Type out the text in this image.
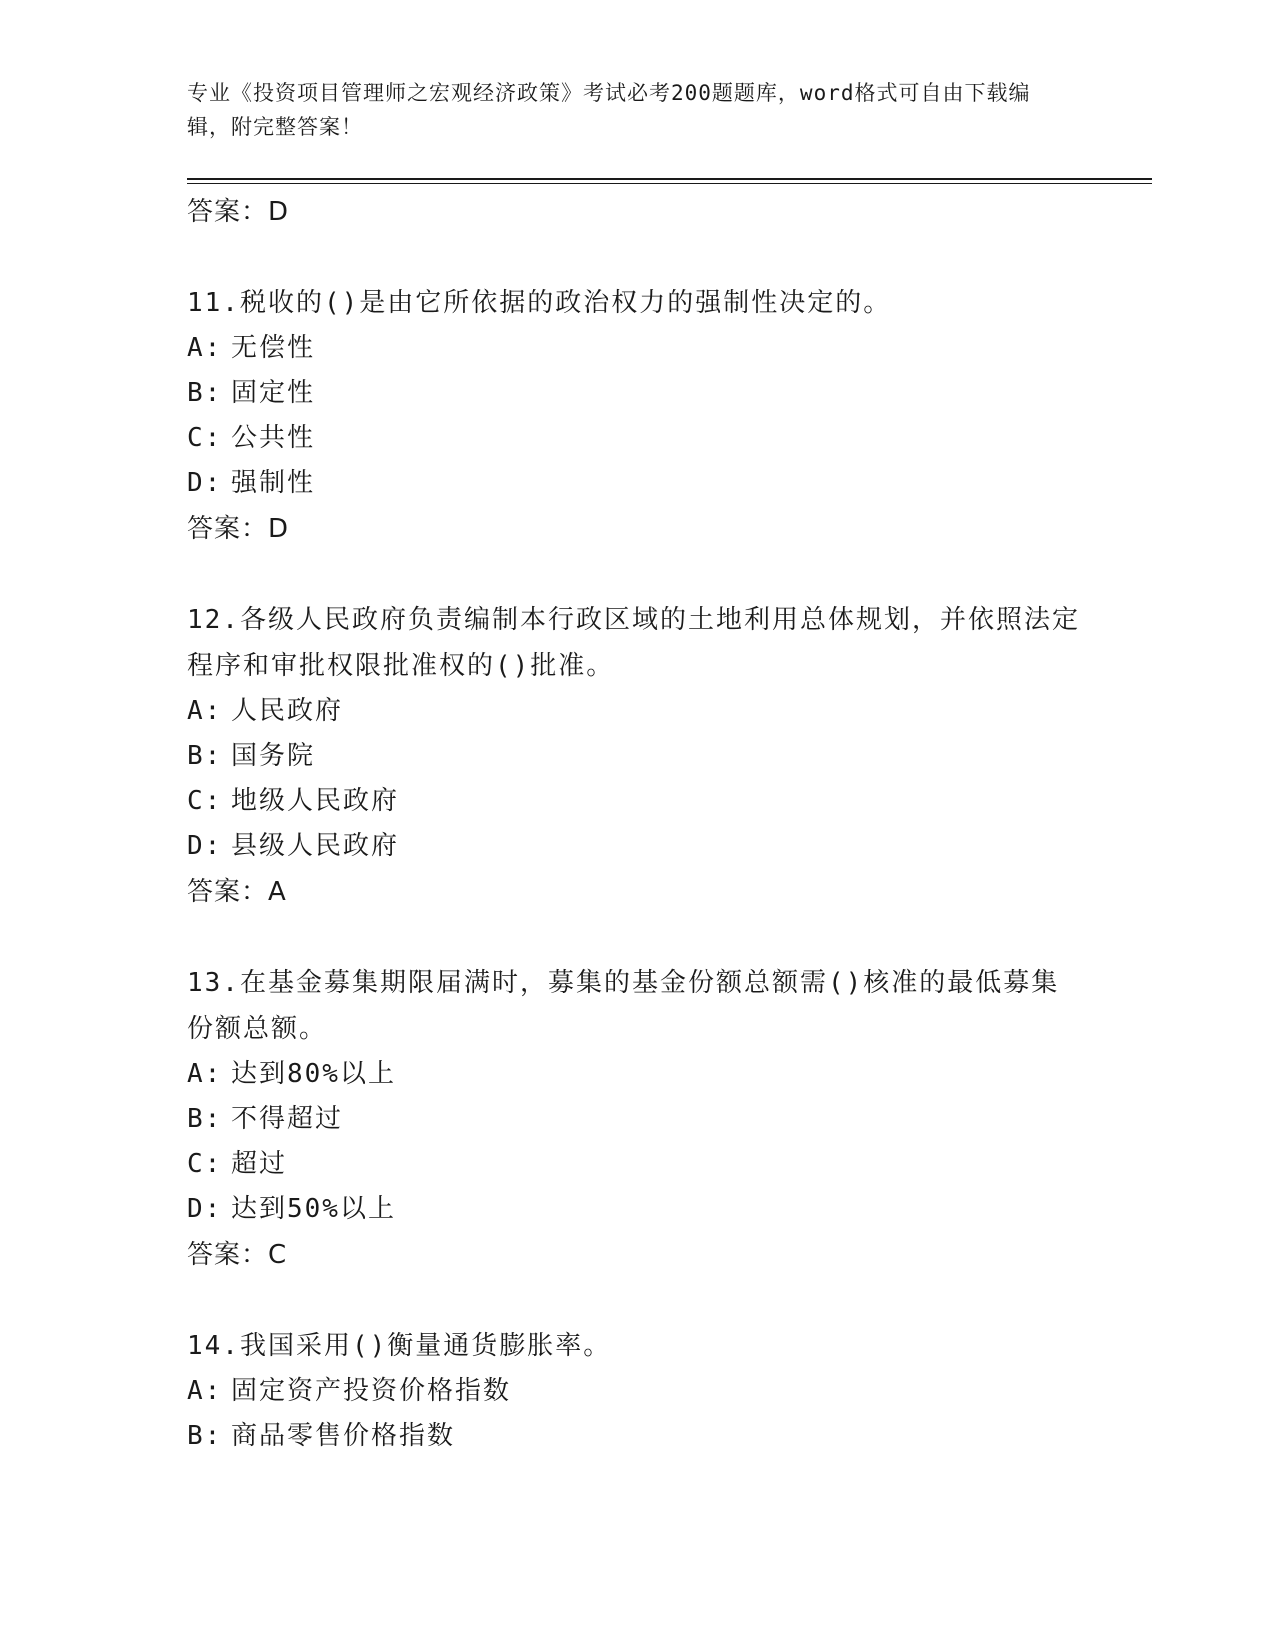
专业《投资项目管理师之宏观经济政策》考试必考200题题库，word格式可自由下载编辑，附完整答案！
答案：D
11.税收的()是由它所依据的政治权力的强制性决定的。
A: 无偿性
B: 固定性
C: 公共性
D: 强制性
答案：D
12.各级人民政府负责编制本行政区域的土地利用总体规划，并依照法定程序和审批权限批准权的()批准。
A: 人民政府
B: 国务院
C: 地级人民政府
D: 县级人民政府
答案：A
13.在基金募集期限届满时，募集的基金份额总额需()核准的最低募集份额总额。
A: 达到80%以上
B: 不得超过
C: 超过
D: 达到50%以上
答案：C
14.我国采用()衡量通货膨胀率。
A: 固定资产投资价格指数
B: 商品零售价格指数
